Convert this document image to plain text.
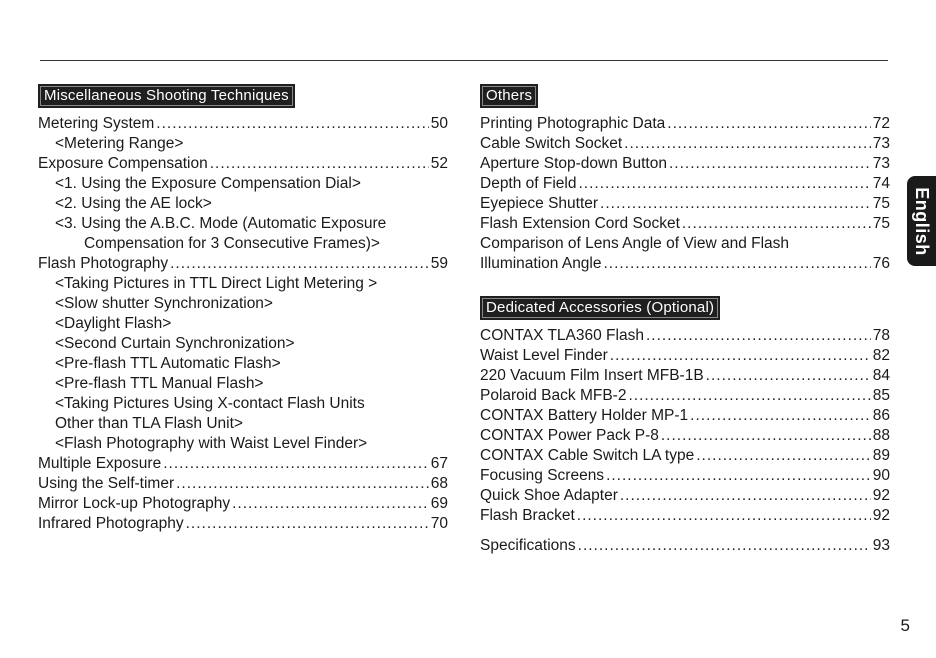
Miscellaneous Shooting Techniques
Metering System .....	50
<Metering Range>
Exposure Compensation .....	52
<1. Using the Exposure Compensation Dial>
<2. Using the AE lock>
<3. Using the A.B.C. Mode (Automatic Exposure
Compensation for 3 Consecutive Frames)>
Flash Photography .....	59
<Taking Pictures in TTL Direct Light Metering >
<Slow shutter Synchronization>
<Daylight Flash>
<Second Curtain Synchronization>
<Pre-flash TTL Automatic Flash>
<Pre-flash TTL Manual Flash>
<Taking Pictures Using X-contact Flash Units
Other than TLA Flash Unit>
<Flash Photography with Waist Level Finder>
Multiple Exposure .....	67
Using the Self-timer .....	68
Mirror Lock-up Photography .....	69
Infrared Photography .....	70
Others
Printing Photographic Data .....	72
Cable Switch Socket .....	73
Aperture Stop-down Button .....	73
Depth of Field .....	74
Eyepiece Shutter .....	75
Flash Extension Cord Socket .....	75
Comparison of Lens Angle of View and Flash
Illumination Angle .....	76
Dedicated Accessories (Optional)
CONTAX TLA360 Flash .....	78
Waist Level Finder .....	82
220 Vacuum Film Insert MFB-1B .....	84
Polaroid Back MFB-2 .....	85
CONTAX Battery Holder MP-1 .....	86
CONTAX Power Pack P-8 .....	88
CONTAX Cable Switch LA type .....	89
Focusing Screens .....	90
Quick Shoe Adapter .....	92
Flash Bracket .....	92
Specifications .....	93
English
5
